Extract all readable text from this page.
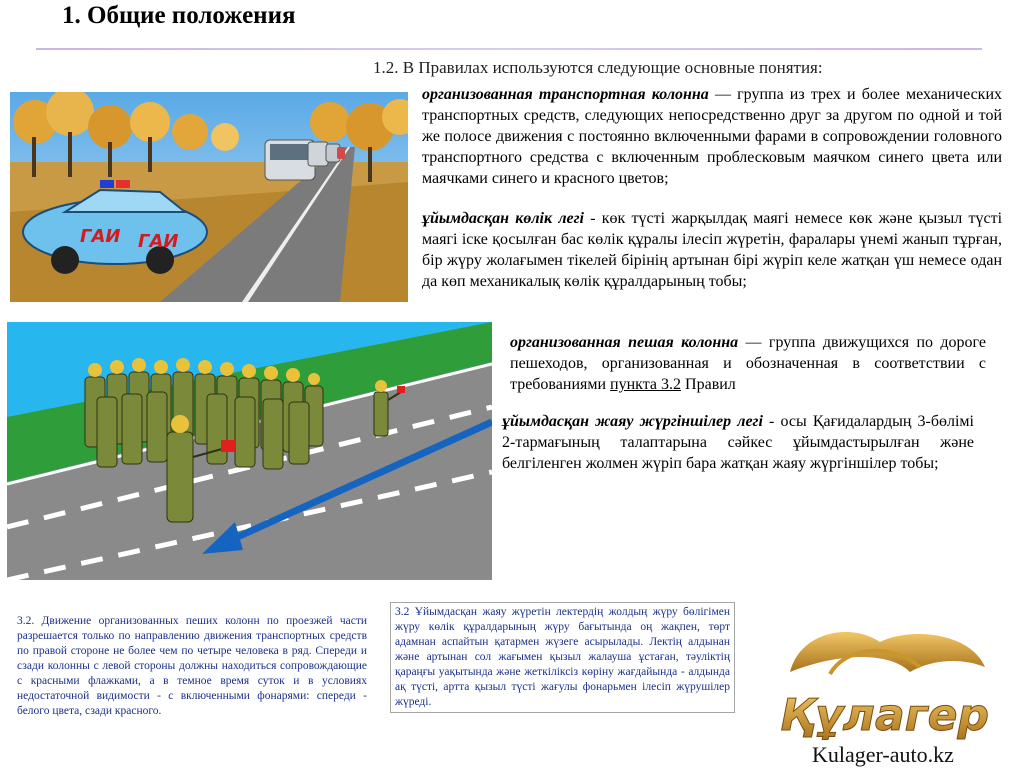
1. Общие положения
1.2. В Правилах используются следующие основные понятия:
ГАИ ГАИ
организованная транспортная колонна — группа из трех и более механических транспортных средств, следующих непосредственно друг за другом по одной и той же полосе движения с постоянно включенными фарами в сопровождении головного транспортного средства с включенным проблесковым маячком синего цвета или маячками синего и красного цветов;
ұйымдасқан көлік легі - көк түсті жарқылдақ маягі немесе көк және қызыл түсті маягі іске қосылған бас көлік құралы ілесіп жүретін, фаралары үнемі жанып тұрған, бір жүру жолағымен тікелей бірінің артынан бірі жүріп келе жатқан үш немесе одан да көп механикалық көлік құралдарының тобы;
организованная пешая колонна — группа движущихся по дороге пешеходов, организованная и обозначенная в соответствии с требованиями пункта 3.2 Правил
ұйымдасқан жаяу жүргіншілер легі - осы Қағидалардың 3-бөлімі 2-тармағының талаптарына сәйкес ұйымдастырылған және белгіленген жолмен жүріп бара жатқан жаяу жүргіншілер тобы;
3.2. Движение организованных пеших колонн по проезжей части разрешается только по направлению движения транспортных средств по правой стороне не более чем по четыре человека в ряд. Спереди и сзади колонны с левой стороны должны находиться сопровождающие с красными флажками, а в темное время суток и в условиях недостаточной видимости - с включенными фонарями: спереди - белого цвета, сзади красного.
3.2 Ұйымдасқан жаяу жүретін лектердің жолдың жүру бөлігімен жүру көлік құралдарының жүру бағытында оң жақпен, төрт адамнан аспайтын қатармен жүзеге асырылады. Лектің алдынан және артынан сол жағымен қызыл жалауша ұстаған, тәуліктің қараңғы уақытында және жеткіліксіз көріну жағдайында - алдында ақ түсті, артта қызыл түсті жағулы фонарьмен ілесіп жүрушілер жүреді.	Құлагер
Kulager-auto.kz
